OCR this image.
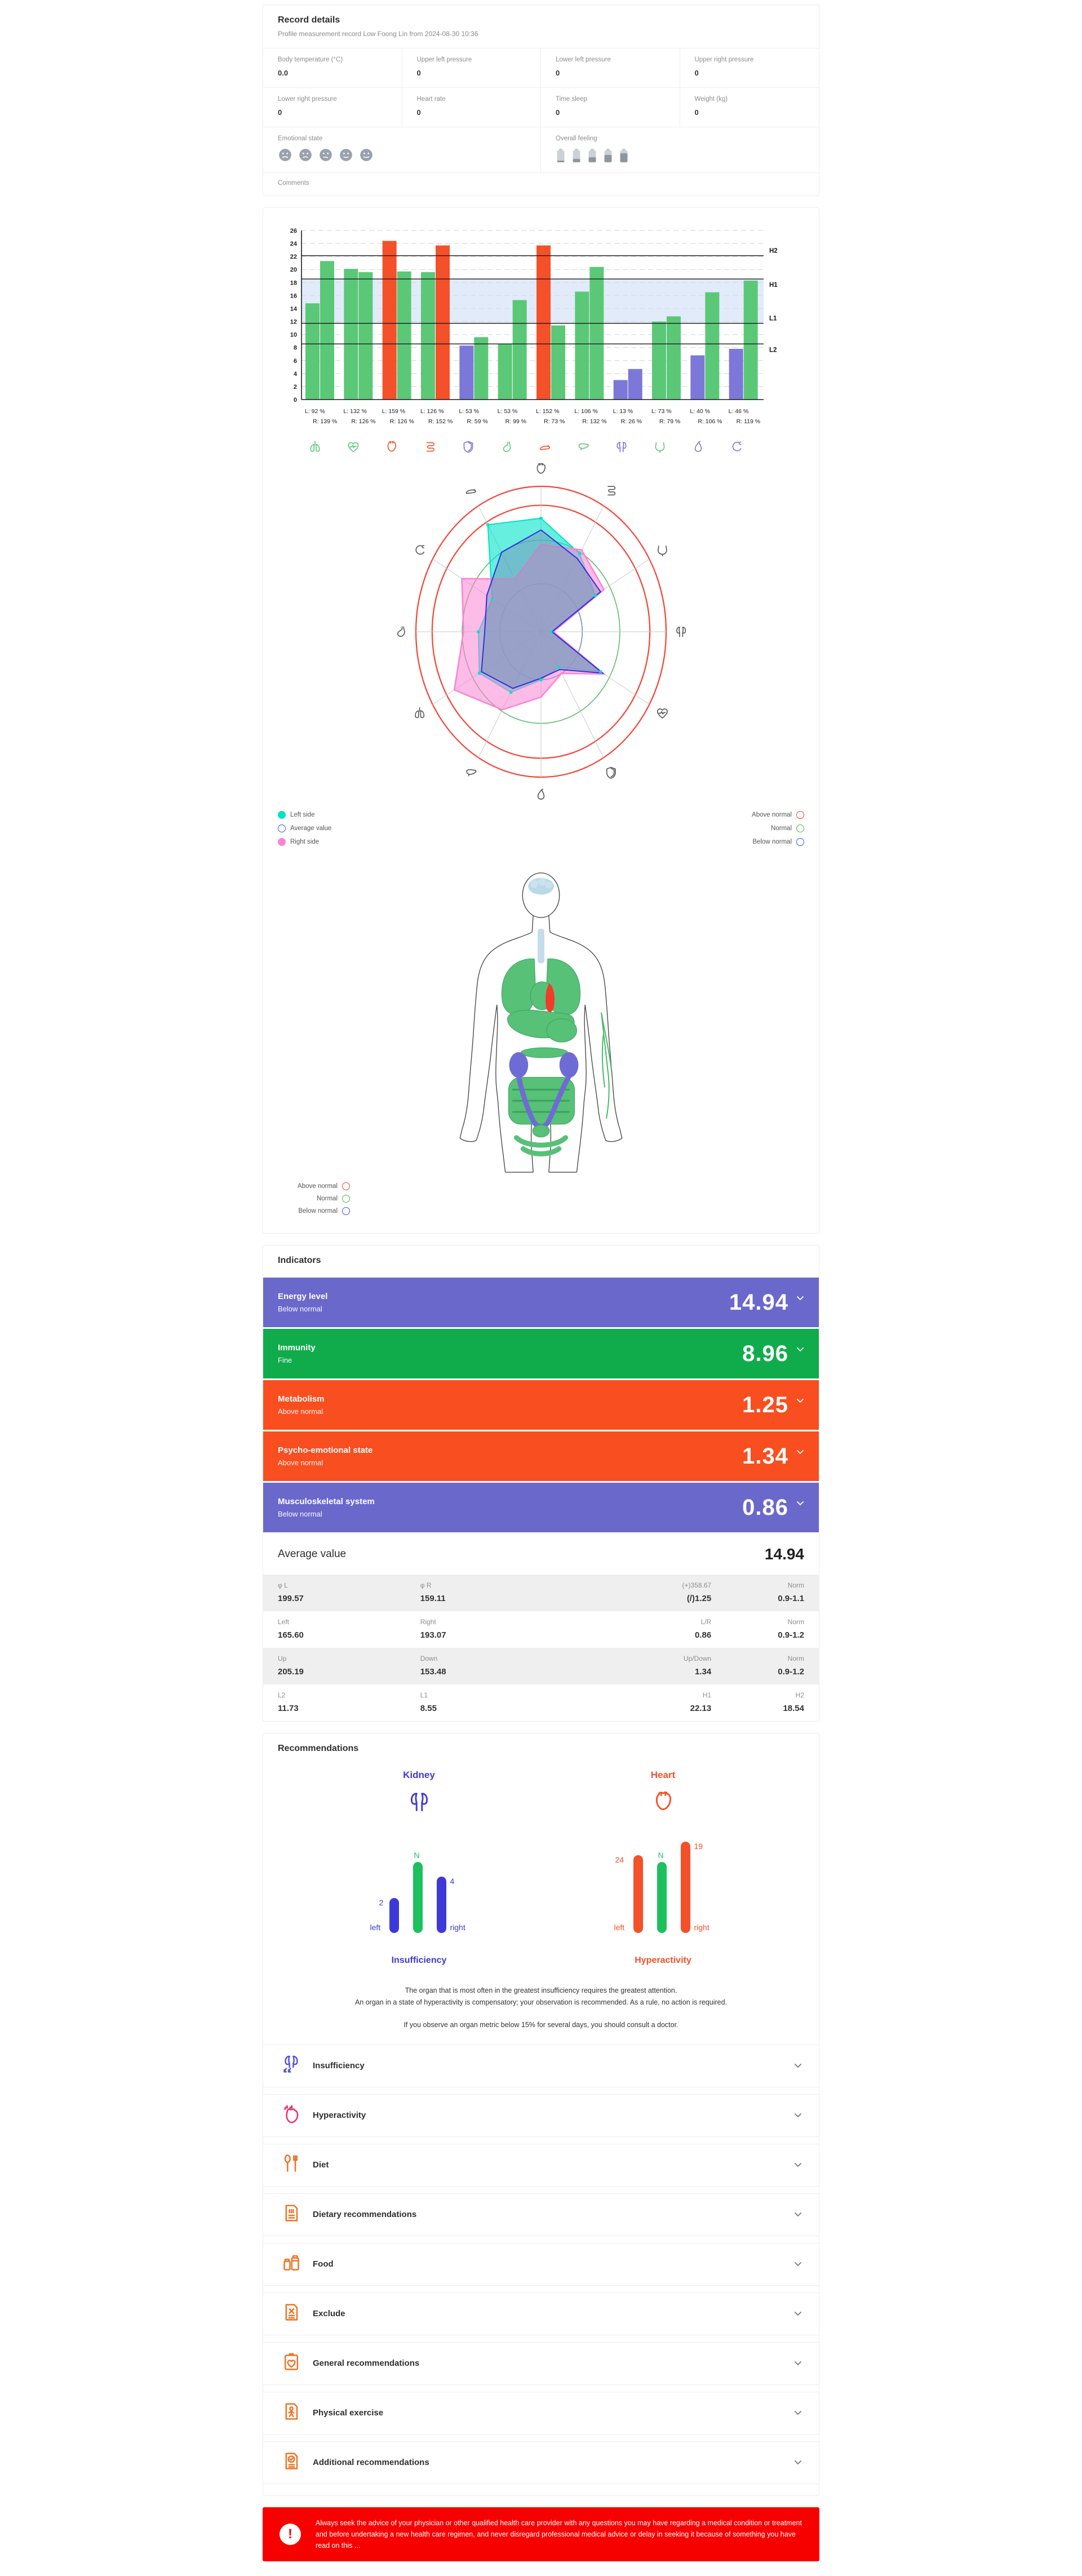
Record details
Profile measurement record Low Foong Lin from 2024-08-30 10:36
Body temperature (°C)
0.0
Upper left pressure
0
Lower left pressure
0
Upper right pressure
0
Lower right pressure
0
Heart rate
0
Time sleep
0
Weight (kg)
0
Emotional state	Overall feeling
Comments
0
2
4
6
8
10
12
14
16
18
20
22
24
26
L: 92 %
R: 139 %
L: 132 %
R: 126 %
L: 159 %
R: 126 %
L: 126 %
R: 152 %
L: 53 %
R: 59 %
L: 53 %
R: 99 %
L: 152 %
R: 73 %
L: 106 %
R: 132 %
L: 13 %
R: 26 %
L: 73 %
R: 79 %
L: 40 %
R: 106 %
L: 46 %
R: 119 %
H2
H1
L1
L2
Left side
Average value
Right side
Above normal
Normal
Below normal
Above normal
Normal
Below normal
Indicators
Energy level
Below normal	14.94
Immunity
Fine	8.96
Metabolism
Above normal	1.25
Psycho-emotional state
Above normal	1.34
Musculoskeletal system
Below normal	0.86
Average value	14.94
φ L
199.57
φ R
159.11
(+)358.67
(/)1.25
Norm
0.9-1.1
Left
165.60
Right
193.07
L/R
0.86
Norm
0.9-1.2
Up
205.19
Down
153.48
Up/Down
1.34
Norm
0.9-1.2
L2
11.73
L1
8.55
H1
22.13
H2
18.54
Recommendations
Kidney
2
N
4
left	right
Insufficiency
Heart
24	N
19
left	right
Hyperactivity
The organ that is most often in the greatest insufficiency requires the greatest attention.
An organ in a state of hyperactivity is compensatory; your observation is recommended. As a rule, no action is required.
If you observe an organ metric below 15% for several days, you should consult a doctor.
Insufficiency
Hyperactivity
Diet
Dietary recommendations
Food
Exclude
General recommendations
Physical exercise
Additional recommendations
!
Always seek the advice of your physician or other qualified health care provider with any questions you may have regarding a medical condition or treatment and before undertaking a new health care regimen, and never disregard professional medical advice or delay in seeking it because of something you have read on this ...
